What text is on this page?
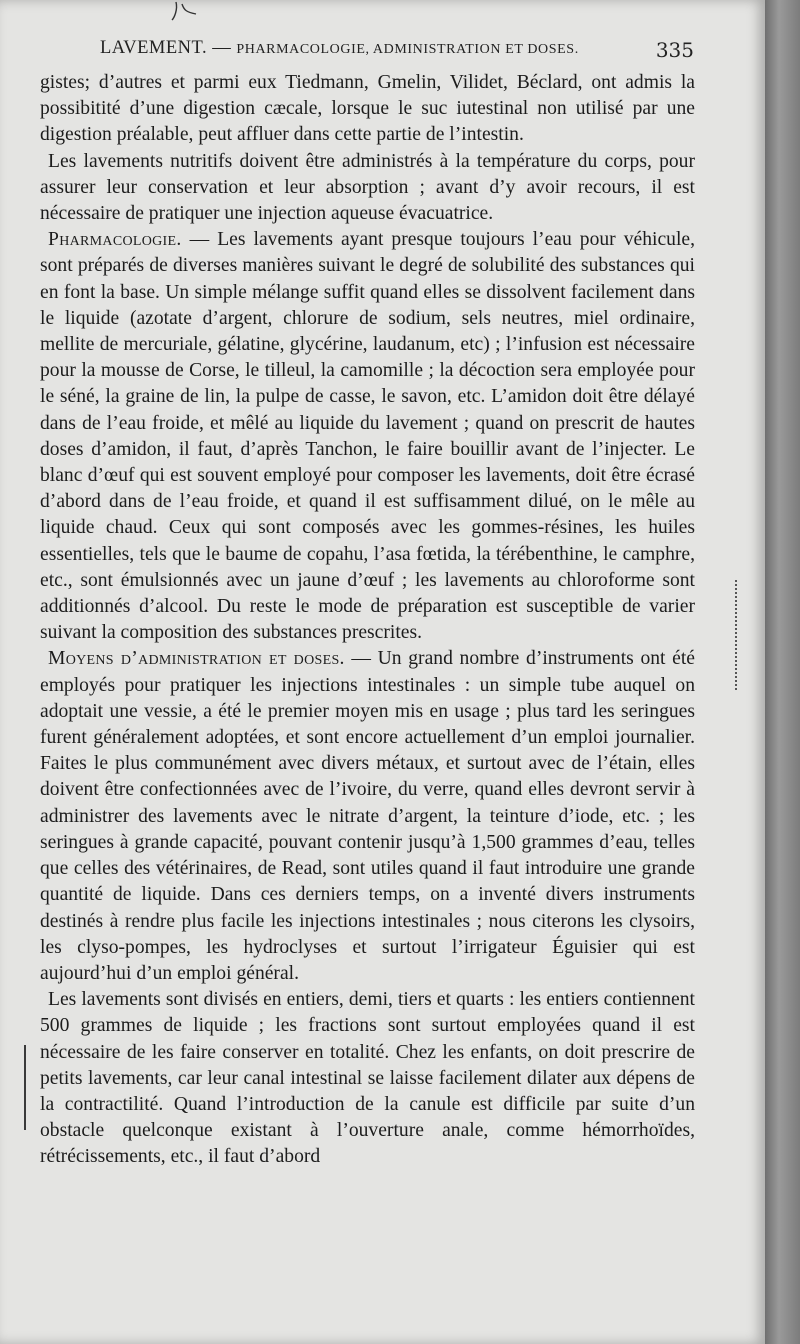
LAVEMENT. — PHARMACOLOGIE, ADMINISTRATION ET DOSES.	335

gistes; d’autres et parmi eux Tiedmann, Gmelin, Vilidet, Béclard, ont admis la possibitité d’une digestion cæcale, lorsque le suc iutestinal non utilisé par une digestion préalable, peut affluer dans cette partie de l’intestin.

Les lavements nutritifs doivent être administrés à la température du corps, pour assurer leur conservation et leur absorption ; avant d’y avoir recours, il est nécessaire de pratiquer une injection aqueuse évacuatrice.

Pharmacologie. — Les lavements ayant presque toujours l’eau pour véhicule, sont préparés de diverses manières suivant le degré de solubilité des substances qui en font la base. Un simple mélange suffit quand elles se dissolvent facilement dans le liquide (azotate d’argent, chlorure de sodium, sels neutres, miel ordinaire, mellite de mercuriale, gélatine, glycérine, laudanum, etc) ; l’infusion est nécessaire pour la mousse de Corse, le tilleul, la camomille ; la décoction sera employée pour le séné, la graine de lin, la pulpe de casse, le savon, etc. L’amidon doit être délayé dans de l’eau froide, et mêlé au liquide du lavement ; quand on prescrit de hautes doses d’amidon, il faut, d’après Tanchon, le faire bouillir avant de l’injecter. Le blanc d’œuf qui est souvent employé pour composer les lavements, doit être écrasé d’abord dans de l’eau froide, et quand il est suffisamment dilué, on le mêle au liquide chaud. Ceux qui sont composés avec les gommes-résines, les huiles essentielles, tels que le baume de copahu, l’asa fœtida, la térébenthine, le camphre, etc., sont émulsionnés avec un jaune d’œuf ; les lavements au chloroforme sont additionnés d’alcool. Du reste le mode de préparation est susceptible de varier suivant la composition des substances prescrites.

Moyens d’administration et doses. — Un grand nombre d’instruments ont été employés pour pratiquer les injections intestinales : un simple tube auquel on adoptait une vessie, a été le premier moyen mis en usage ; plus tard les seringues furent généralement adoptées, et sont encore actuellement d’un emploi journalier. Faites le plus communément avec divers métaux, et surtout avec de l’étain, elles doivent être confectionnées avec de l’ivoire, du verre, quand elles devront servir à administrer des lavements avec le nitrate d’argent, la teinture d’iode, etc. ; les seringues à grande capacité, pouvant contenir jusqu’à 1,500 grammes d’eau, telles que celles des vétérinaires, de Read, sont utiles quand il faut introduire une grande quantité de liquide. Dans ces derniers temps, on a inventé divers instruments destinés à rendre plus facile les injections intestinales ; nous citerons les clysoirs, les clyso-pompes, les hydroclyses et surtout l’irrigateur Éguisier qui est aujourd’hui d’un emploi général.

Les lavements sont divisés en entiers, demi, tiers et quarts : les entiers contiennent 500 grammes de liquide ; les fractions sont surtout employées quand il est nécessaire de les faire conserver en totalité. Chez les enfants, on doit prescrire de petits lavements, car leur canal intestinal se laisse facilement dilater aux dépens de la contractilité. Quand l’introduction de la canule est difficile par suite d’un obstacle quelconque existant à l’ouverture anale, comme hémorrhoïdes, rétrécissements, etc., il faut d’abord
